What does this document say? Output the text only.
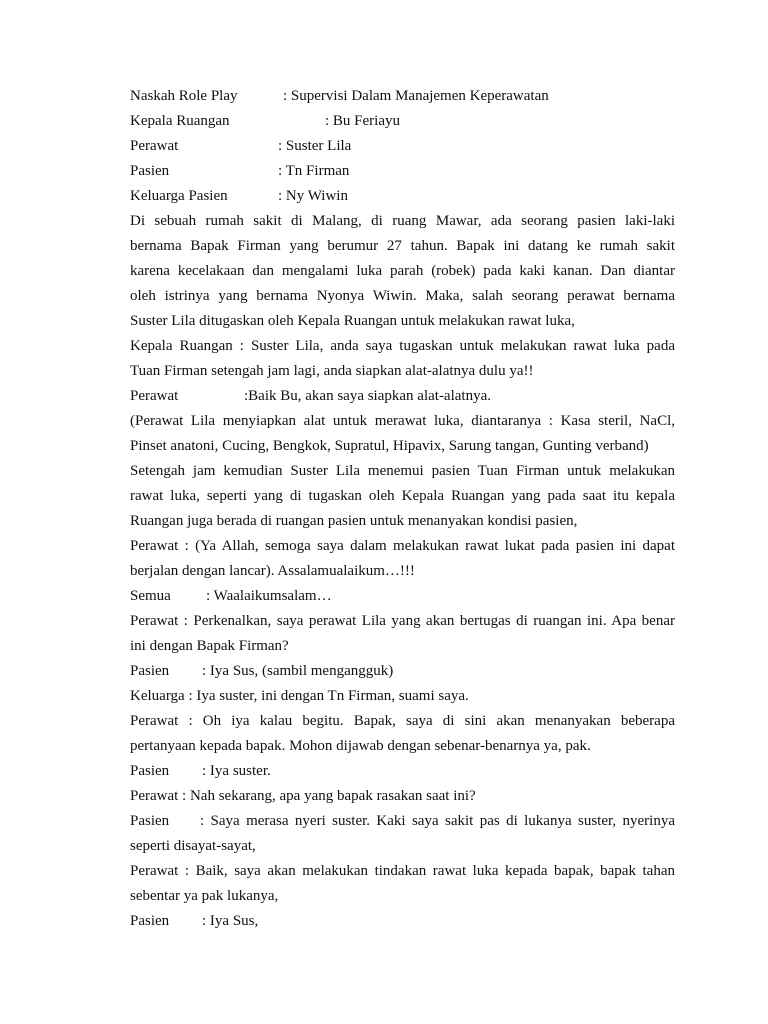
Naskah Role Play	: Supervisi Dalam Manajemen Keperawatan
Kepala Ruangan	: Bu Feriayu
Perawat	: Suster Lila
Pasien	: Tn Firman
Keluarga Pasien	: Ny Wiwin
Di sebuah rumah sakit di Malang, di ruang Mawar, ada seorang pasien laki-laki
bernama Bapak Firman yang berumur 27 tahun. Bapak ini datang ke rumah sakit
karena kecelakaan dan mengalami luka parah (robek) pada kaki kanan. Dan diantar
oleh istrinya yang bernama Nyonya Wiwin. Maka, salah seorang perawat bernama
Suster Lila ditugaskan oleh Kepala Ruangan untuk melakukan rawat luka,
Kepala Ruangan : Suster Lila, anda saya tugaskan untuk melakukan rawat luka pada
Tuan Firman setengah jam lagi, anda siapkan alat-alatnya dulu ya!!
Perawat	:Baik Bu, akan saya siapkan alat-alatnya.
(Perawat Lila menyiapkan alat untuk merawat luka, diantaranya : Kasa steril, NaCl,
Pinset anatoni, Cucing, Bengkok, Supratul, Hipavix, Sarung tangan, Gunting verband)
Setengah jam kemudian Suster Lila menemui pasien Tuan Firman untuk melakukan
rawat luka, seperti yang di tugaskan oleh Kepala Ruangan yang pada saat itu kepala
Ruangan juga berada di ruangan pasien untuk menanyakan kondisi pasien,
Perawat : (Ya Allah, semoga saya dalam melakukan rawat lukat pada pasien ini dapat
berjalan dengan lancar). Assalamualaikum…!!!
Semua	: Waalaikumsalam…
Perawat : Perkenalkan, saya perawat Lila yang akan bertugas di ruangan ini. Apa benar
ini dengan Bapak Firman?
Pasien	: Iya Sus, (sambil mengangguk)
Keluarga : Iya suster, ini dengan Tn Firman, suami saya.
Perawat : Oh iya kalau begitu. Bapak, saya di sini akan menanyakan beberapa
pertanyaan kepada bapak. Mohon dijawab dengan sebenar-benarnya ya, pak.
Pasien	: Iya suster.
Perawat : Nah sekarang, apa yang bapak rasakan saat ini?
Pasien	: Saya merasa nyeri suster. Kaki saya sakit pas di lukanya suster, nyerinya
seperti disayat-sayat,
Perawat : Baik, saya akan melakukan tindakan rawat luka kepada bapak, bapak tahan
sebentar ya pak lukanya,
Pasien	: Iya Sus,
